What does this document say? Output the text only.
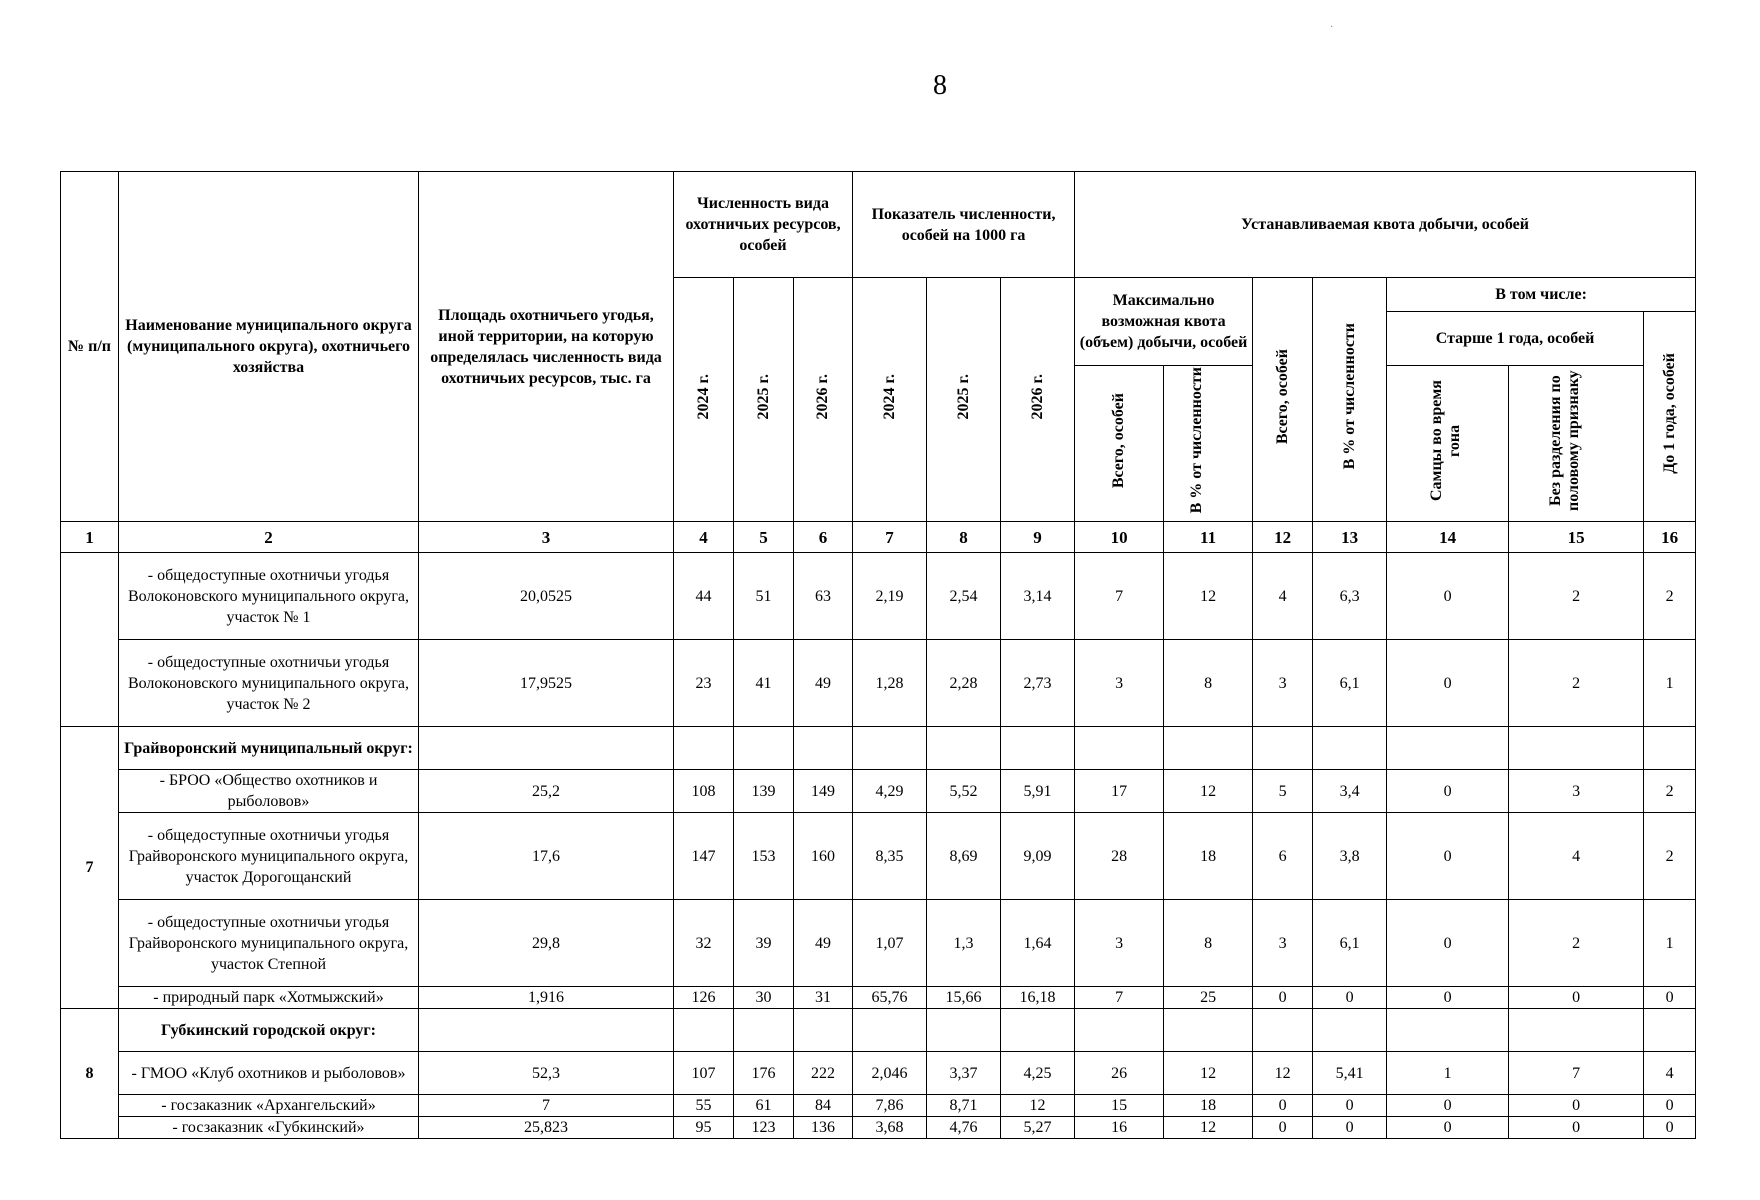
8
№ п/п	Наименование муниципального округа (муниципального округа), охотничьего хозяйства	Площадь охотничьего угодья, иной территории, на которую определялась численность вида охотничьих ресурсов, тыс. га	Численность вида охотничьих ресурсов, особей			Показатель численности, особей на 1000 га			Устанавливаемая квота добычи, особей						
			2024 г.	2025 г.	2026 г.	2024 г.	2025 г.	2026 г.	Максимально возможная квота (объем) добычи, особей		Всего, особей	В % от численности	В том числе:		
													Старше 1 года, особей		До 1 года, особей
									Всего, особей	В % от численности			Самцы во время гона	Без разделения по половому признаку	
1	2	3	4	5	6	7	8	9	10	11	12	13	14	15	16
	- общедоступные охотничьи угодья Волоконовского муниципального округа, участок № 1	20,0525	44	51	63	2,19	2,54	3,14	7	12	4	6,3	0	2	2
	- общедоступные охотничьи угодья Волоконовского муниципального округа, участок № 2	17,9525	23	41	49	1,28	2,28	2,73	3	8	3	6,1	0	2	1
7	Грайворонский муниципальный округ:														
	- БРОО «Общество охотников и рыболовов»	25,2	108	139	149	4,29	5,52	5,91	17	12	5	3,4	0	3	2
	- общедоступные охотничьи угодья Грайворонского муниципального округа, участок Дорогощанский	17,6	147	153	160	8,35	8,69	9,09	28	18	6	3,8	0	4	2
	- общедоступные охотничьи угодья Грайворонского муниципального округа, участок Степной	29,8	32	39	49	1,07	1,3	1,64	3	8	3	6,1	0	2	1
	- природный парк «Хотмыжский»	1,916	126	30	31	65,76	15,66	16,18	7	25	0	0	0	0	0
8	Губкинский городской округ:														
	- ГМОО «Клуб охотников и рыболовов»	52,3	107	176	222	2,046	3,37	4,25	26	12	12	5,41	1	7	4
	- госзаказник «Архангельский»	7	55	61	84	7,86	8,71	12	15	18	0	0	0	0	0
	- госзаказник «Губкинский»	25,823	95	123	136	3,68	4,76	5,27	16	12	0	0	0	0	0
·
